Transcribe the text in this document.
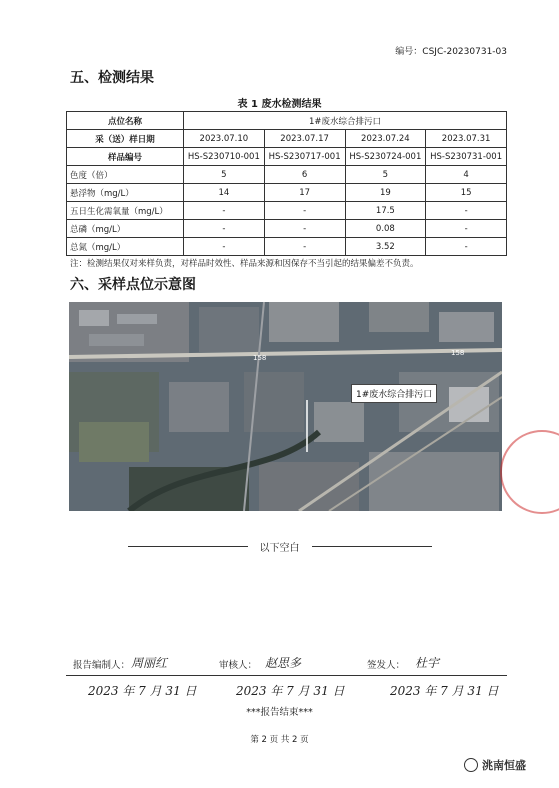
编号：CSJC-20230731-03
五、检测结果
表 1 废水检测结果
点位名称	1#废水综合排污口			
采（送）样日期	2023.07.10	2023.07.17	2023.07.24	2023.07.31
样品编号	HS-S230710-001	HS-S230717-001	HS-S230724-001	HS-S230731-001
色度（倍）	5	6	5	4
悬浮物（mg/L）	14	17	19	15
五日生化需氧量（mg/L）	-	-	17.5	-
总磷（mg/L）	-	-	0.08	-
总氮（mg/L）	-	-	3.52	-
注：检测结果仅对来样负责，对样品时效性、样品来源和因保存不当引起的结果偏差不负责。
六、采样点位示意图
1#废水综合排污口
158
158
以下空白
报告编制人： 周丽红	审核人： 赵思多	签发人： 杜宇
2023 年 7 月 31 日	2023 年 7 月 31 日	2023 年 7 月 31 日
***报告结束***
第 2 页 共 2 页
洮南恒盛
